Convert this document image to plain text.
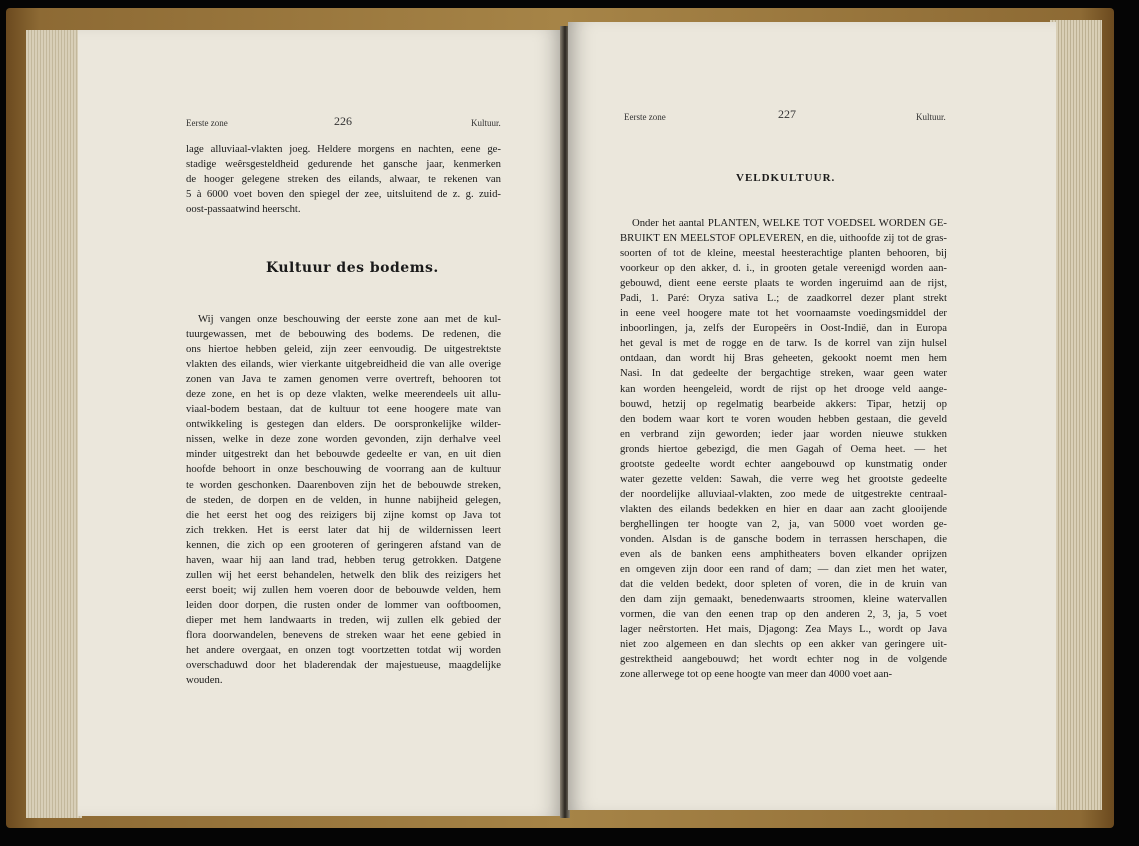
Eerste zone	226	Kultuur.
lage alluviaal-vlakten joeg. Heldere morgens en nachten, eene ge-
stadige weêrsgesteldheid gedurende het gansche jaar, kenmerken
de hooger gelegene streken des eilands, alwaar, te rekenen van
5 à 6000 voet boven den spiegel der zee, uitsluitend de z. g. zuid-
oost-passaatwind heerscht.
Kultuur des bodems.
Wij vangen onze beschouwing der eerste zone aan met de kul-
tuurgewassen, met de bebouwing des bodems. De redenen, die
ons hiertoe hebben geleid, zijn zeer eenvoudig. De uitgestrektste
vlakten des eilands, wier vierkante uitgebreidheid die van alle overige
zonen van Java te zamen genomen verre overtreft, behooren tot
deze zone, en het is op deze vlakten, welke meerendeels uit allu-
viaal-bodem bestaan, dat de kultuur tot eene hoogere mate van
ontwikkeling is gestegen dan elders. De oorspronkelijke wilder-
nissen, welke in deze zone worden gevonden, zijn derhalve veel
minder uitgestrekt dan het bebouwde gedeelte er van, en uit dien
hoofde behoort in onze beschouwing de voorrang aan de kultuur
te worden geschonken. Daarenboven zijn het de bebouwde streken,
de steden, de dorpen en de velden, in hunne nabijheid gelegen,
die het eerst het oog des reizigers bij zijne komst op Java tot
zich trekken. Het is eerst later dat hij de wildernissen leert
kennen, die zich op een grooteren of geringeren afstand van de
haven, waar hij aan land trad, hebben terug getrokken. Datgene
zullen wij het eerst behandelen, hetwelk den blik des reizigers het
eerst boeit; wij zullen hem voeren door de bebouwde velden, hem
leiden door dorpen, die rusten onder de lommer van ooftboomen,
dieper met hem landwaarts in treden, wij zullen elk gebied der
flora doorwandelen, benevens de streken waar het eene gebied in
het andere overgaat, en onzen togt voortzetten totdat wij worden
overschaduwd door het bladerendak der majestueuse, maagdelijke
wouden.
Eerste zone	227	Kultuur.
VELDKULTUUR.
Onder het aantal PLANTEN, WELKE TOT VOEDSEL WORDEN GE-
BRUIKT EN MEELSTOF OPLEVEREN, en die, uithoofde zij tot de gras-
soorten of tot de kleine, meestal heesterachtige planten behooren, bij
voorkeur op den akker, d. i., in grooten getale vereenigd worden aan-
gebouwd, dient eene eerste plaats te worden ingeruimd aan de rijst,
Padi, 1. Paré: Oryza sativa L.; de zaadkorrel dezer plant strekt
in eene veel hoogere mate tot het voornaamste voedingsmiddel der
inboorlingen, ja, zelfs der Europeërs in Oost-Indië, dan in Europa
het geval is met de rogge en de tarw. Is de korrel van zijn hulsel
ontdaan, dan wordt hij Bras geheeten, gekookt noemt men hem
Nasi. In dat gedeelte der bergachtige streken, waar geen water
kan worden heengeleid, wordt de rijst op het drooge veld aange-
bouwd, hetzij op regelmatig bearbeide akkers: Tipar, hetzij op
den bodem waar kort te voren wouden hebben gestaan, die geveld
en verbrand zijn geworden; ieder jaar worden nieuwe stukken
gronds hiertoe gebezigd, die men Gagah of Oema heet. — het
grootste gedeelte wordt echter aangebouwd op kunstmatig onder
water gezette velden: Sawah, die verre weg het grootste gedeelte
der noordelijke alluviaal-vlakten, zoo mede de uitgestrekte centraal-
vlakten des eilands bedekken en hier en daar aan zacht glooijende
berghellingen ter hoogte van 2, ja, van 5000 voet worden ge-
vonden. Alsdan is de gansche bodem in terrassen herschapen, die
even als de banken eens amphitheaters boven elkander oprijzen
en omgeven zijn door een rand of dam; — dan ziet men het water,
dat die velden bedekt, door spleten of voren, die in de kruin van
den dam zijn gemaakt, benedenwaarts stroomen, kleine watervallen
vormen, die van den eenen trap op den anderen 2, 3, ja, 5 voet
lager neêrstorten. Het mais, Djagong: Zea Mays L., wordt op Java
niet zoo algemeen en dan slechts op een akker van geringere uit-
gestrektheid aangebouwd; het wordt echter nog in de volgende
zone allerwege tot op eene hoogte van meer dan 4000 voet aan-
